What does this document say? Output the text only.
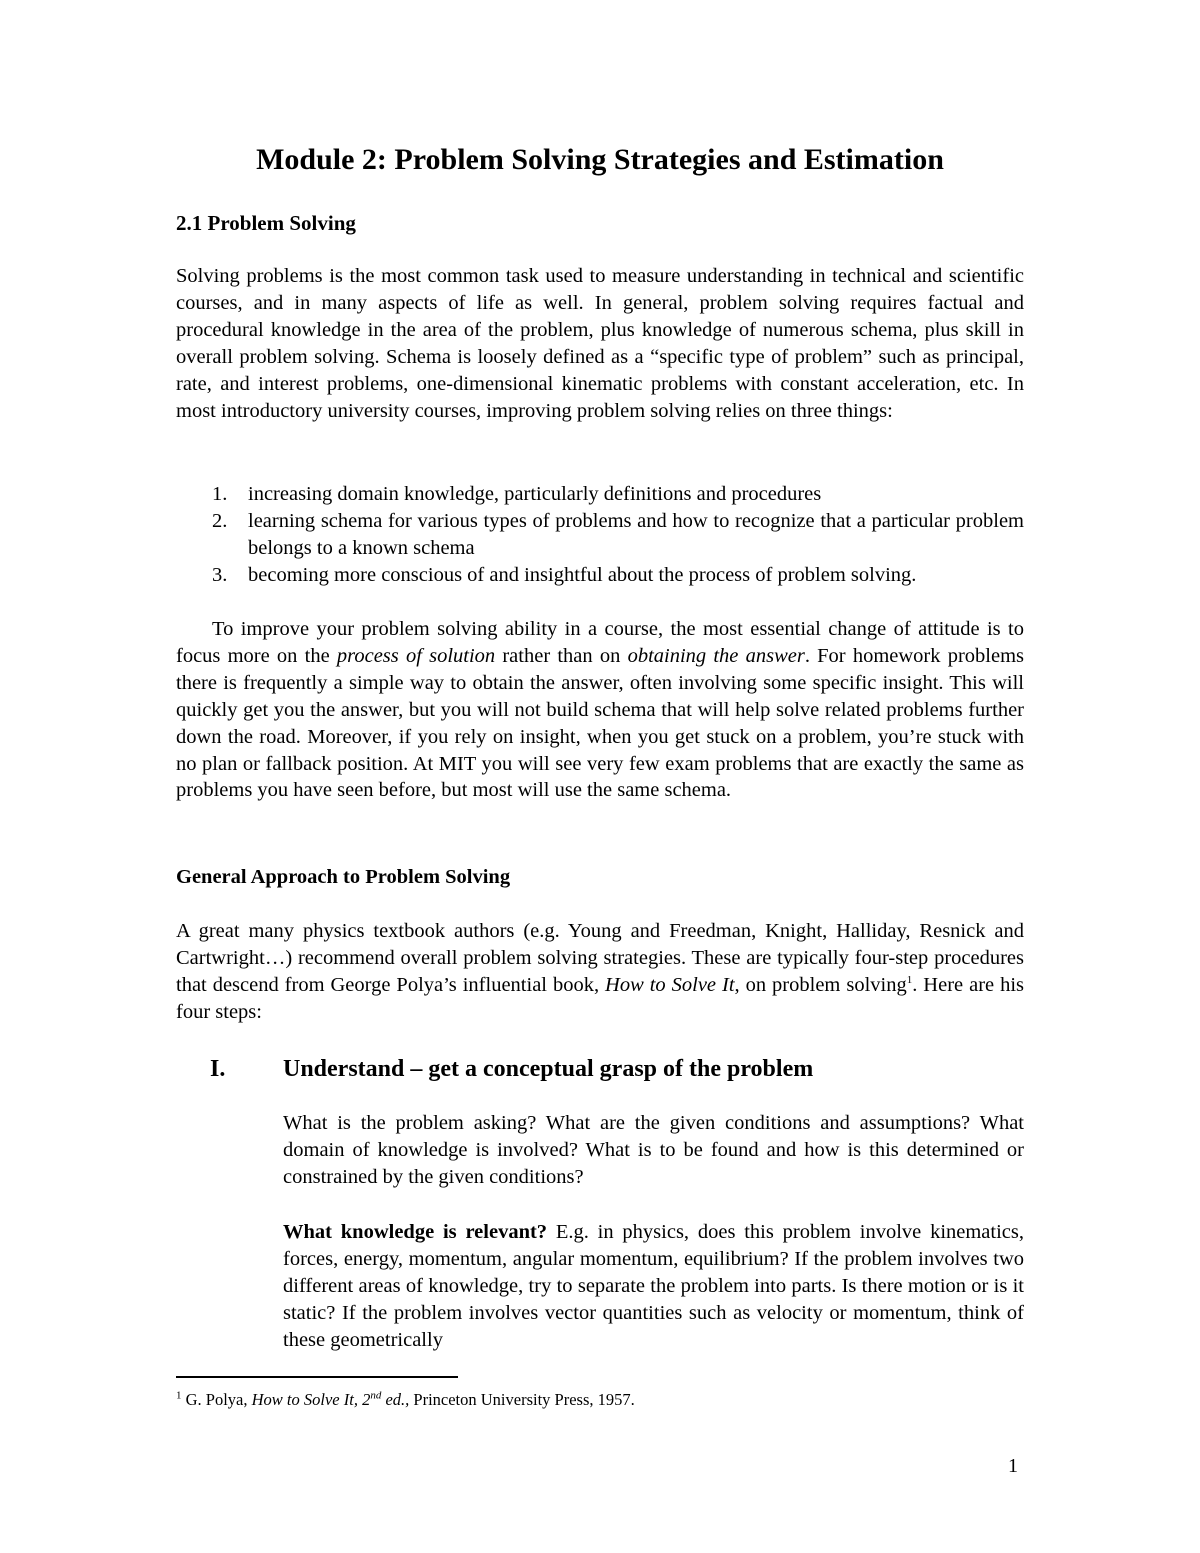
Module 2: Problem Solving Strategies and Estimation
2.1 Problem Solving

Solving problems is the most common task used to measure understanding in technical and scientific courses, and in many aspects of life as well. In general, problem solving requires factual and procedural knowledge in the area of the problem, plus knowledge of numerous schema, plus skill in overall problem solving. Schema is loosely defined as a “specific type of problem” such as principal, rate, and interest problems, one-dimensional kinematic problems with constant acceleration, etc. In most introductory university courses, improving problem solving relies on three things:

1. increasing domain knowledge, particularly definitions and procedures
2. learning schema for various types of problems and how to recognize that a particular problem belongs to a known schema
3. becoming more conscious of and insightful about the process of problem solving.

To improve your problem solving ability in a course, the most essential change of attitude is to focus more on the process of solution rather than on obtaining the answer. For homework problems there is frequently a simple way to obtain the answer, often involving some specific insight. This will quickly get you the answer, but you will not build schema that will help solve related problems further down the road. Moreover, if you rely on insight, when you get stuck on a problem, you’re stuck with no plan or fallback position. At MIT you will see very few exam problems that are exactly the same as problems you have seen before, but most will use the same schema.

General Approach to Problem Solving

A great many physics textbook authors (e.g. Young and Freedman, Knight, Halliday, Resnick and Cartwright…) recommend overall problem solving strategies. These are typically four-step procedures that descend from George Polya’s influential book, How to Solve It, on problem solving$^1$. Here are his four steps:

I. Understand – get a conceptual grasp of the problem

What is the problem asking? What are the given conditions and assumptions? What domain of knowledge is involved? What is to be found and how is this determined or constrained by the given conditions?

What knowledge is relevant? E.g. in physics, does this problem involve kinematics, forces, energy, momentum, angular momentum, equilibrium? If the problem involves two different areas of knowledge, try to separate the problem into parts. Is there motion or is it static? If the problem involves vector quantities such as velocity or momentum, think of these geometrically

$^1$ G. Polya, How to Solve It, 2nd ed., Princeton University Press, 1957.
1
